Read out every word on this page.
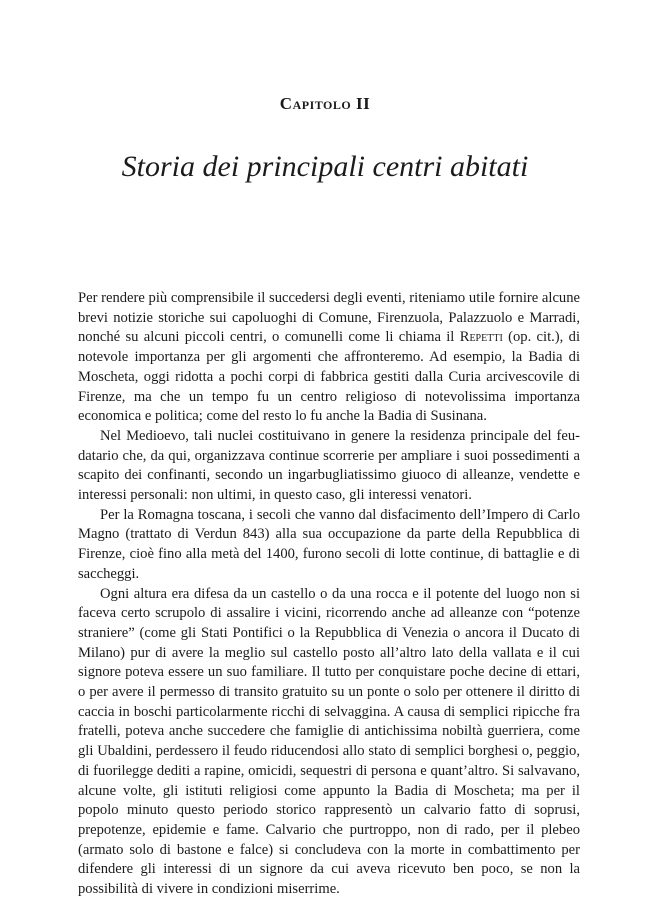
Capitolo II
Storia dei principali centri abitati

Per rendere più comprensibile il succedersi degli eventi, riteniamo utile fornire alcune brevi notizie storiche sui capoluoghi di Comune, Firenzuola, Palazzuolo e Marradi, nonché su alcuni piccoli centri, o comunelli come li chiama il Repetti (op. cit.), di notevole importanza per gli argomenti che affronteremo. Ad esempio, la Badia di Moscheta, oggi ridotta a pochi corpi di fabbrica gestiti dalla Curia arcivescovile di Firenze, ma che un tempo fu un centro religioso di notevolissima importanza economica e politica; come del resto lo fu anche la Badia di Susinana.

Nel Medioevo, tali nuclei costituivano in genere la residenza principale del feudatario che, da qui, organizzava continue scorrerie per ampliare i suoi possedimenti a scapito dei confinanti, secondo un ingarbugliatissimo giuoco di alleanze, vendette e interessi personali: non ultimi, in questo caso, gli interessi venatori.

Per la Romagna toscana, i secoli che vanno dal disfacimento dell’Impero di Carlo Magno (trattato di Verdun 843) alla sua occupazione da parte della Repubblica di Firenze, cioè fino alla metà del 1400, furono secoli di lotte continue, di battaglie e di saccheggi.

Ogni altura era difesa da un castello o da una rocca e il potente del luogo non si faceva certo scrupolo di assalire i vicini, ricorrendo anche ad alleanze con “potenze straniere” (come gli Stati Pontifici o la Repubblica di Venezia o ancora il Ducato di Milano) pur di avere la meglio sul castello posto all’altro lato della vallata e il cui signore poteva essere un suo familiare. Il tutto per conquistare poche decine di ettari, o per avere il permesso di transito gratuito su un ponte o solo per ottenere il diritto di caccia in boschi particolarmente ricchi di selvaggina. A causa di semplici ripicche fra fratelli, poteva anche succedere che famiglie di antichissima nobiltà guerriera, come gli Ubaldini, perdessero il feudo riducendosi allo stato di semplici borghesi o, peggio, di fuorilegge dediti a rapine, omicidi, sequestri di persona e quant’altro. Si salvavano, alcune volte, gli istituti religiosi come appunto la Badia di Moscheta; ma per il popolo minuto questo periodo storico rappresentò un calvario fatto di soprusi, prepotenze, epidemie e fame. Calvario che purtroppo, non di rado, per il plebeo (armato solo di bastone e falce) si concludeva con la morte in combattimento per difendere gli interessi di un signore da cui aveva ricevuto ben poco, se non la possibilità di vivere in condizioni miserrime.
